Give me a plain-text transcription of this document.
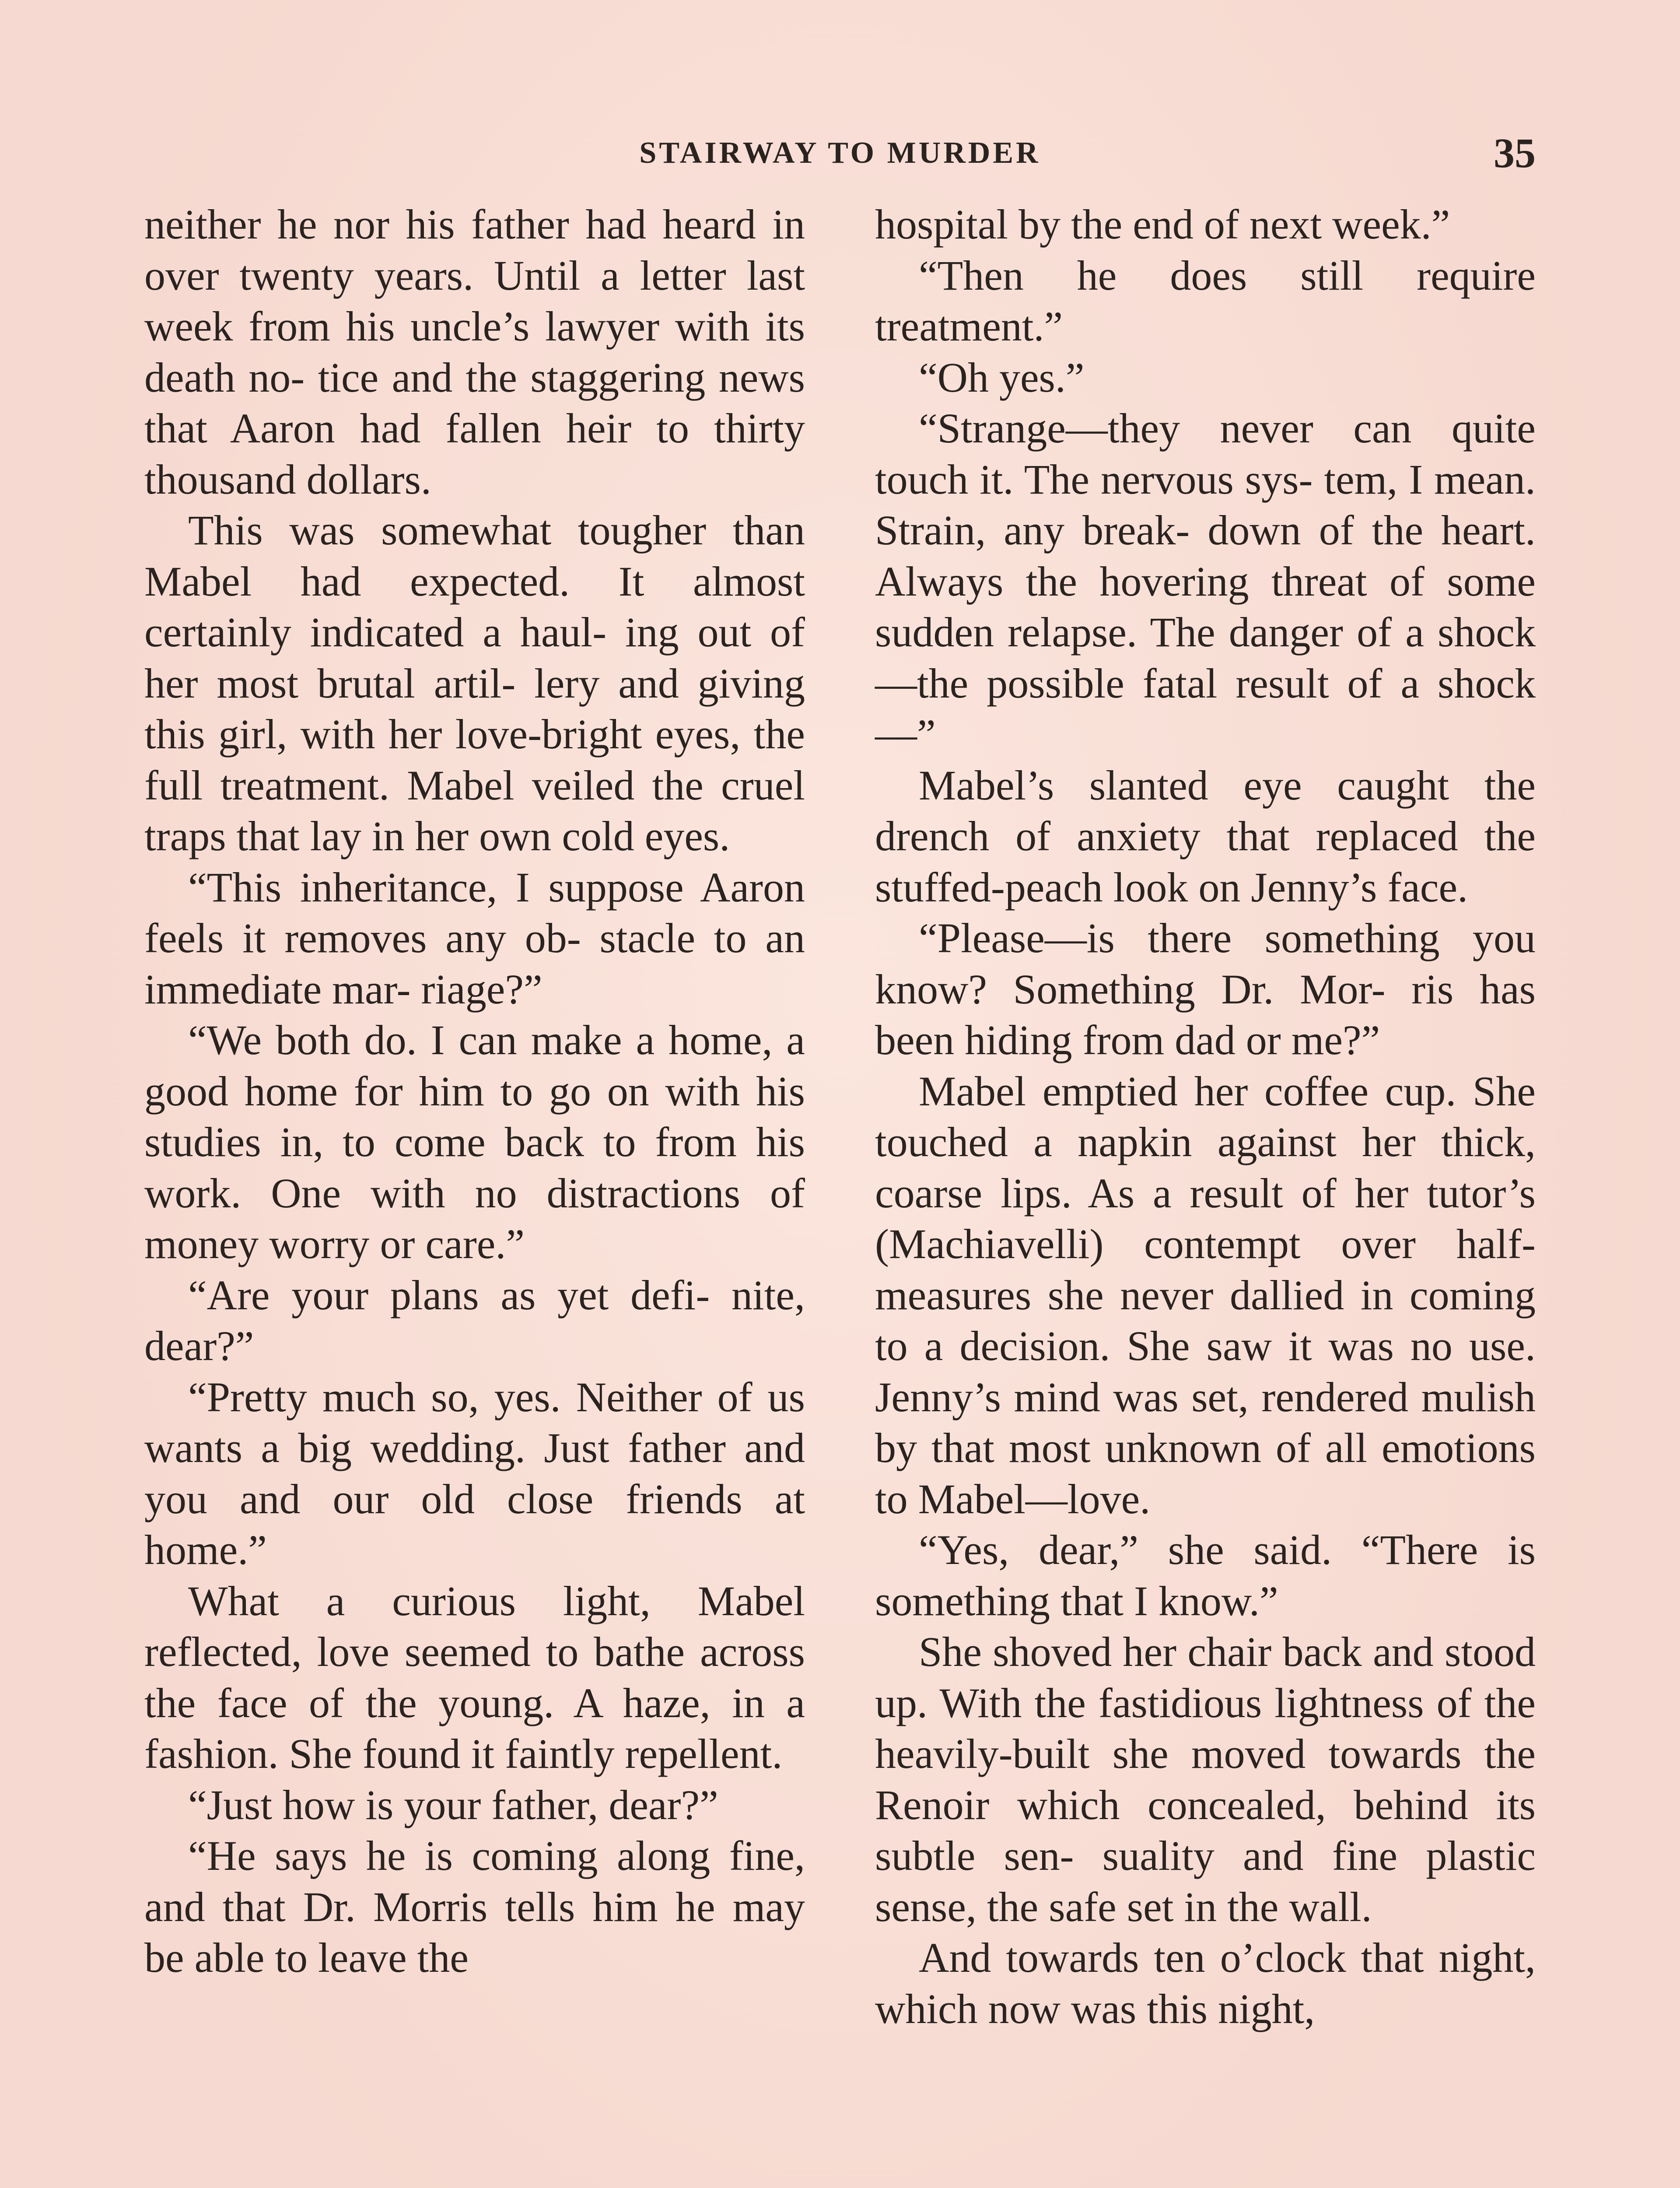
STAIRWAY TO MURDER	35

neither he nor his father had heard in over twenty years. Until a letter last week from his uncle’s lawyer with its death no- tice and the staggering news that Aaron had fallen heir to thirty thousand dollars.

This was somewhat tougher than Mabel had expected. It almost certainly indicated a haul- ing out of her most brutal artil- lery and giving this girl, with her love-bright eyes, the full treatment. Mabel veiled the cruel traps that lay in her own cold eyes.

“This inheritance, I suppose Aaron feels it removes any ob- stacle to an immediate mar- riage?”

“We both do. I can make a home, a good home for him to go on with his studies in, to come back to from his work. One with no distractions of money worry or care.”

“Are your plans as yet defi- nite, dear?”

“Pretty much so, yes. Neither of us wants a big wedding. Just father and you and our old close friends at home.”

What a curious light, Mabel reflected, love seemed to bathe across the face of the young. A haze, in a fashion. She found it faintly repellent.

“Just how is your father, dear?”

“He says he is coming along fine, and that Dr. Morris tells him he may be able to leave the

hospital by the end of next week.”

“Then he does still require treatment.”

“Oh yes.”

“Strange—they never can quite touch it. The nervous sys- tem, I mean. Strain, any break- down of the heart. Always the hovering threat of some sudden relapse. The danger of a shock —the possible fatal result of a shock—”

Mabel’s slanted eye caught the drench of anxiety that replaced the stuffed-peach look on Jenny’s face.

“Please—is there something you know? Something Dr. Mor- ris has been hiding from dad or me?”

Mabel emptied her coffee cup. She touched a napkin against her thick, coarse lips. As a result of her tutor’s (Machiavelli) contempt over half-measures she never dallied in coming to a decision. She saw it was no use. Jenny’s mind was set, rendered mulish by that most unknown of all emotions to Mabel—love.

“Yes, dear,” she said. “There is something that I know.”

She shoved her chair back and stood up. With the fastidious lightness of the heavily-built she moved towards the Renoir which concealed, behind its subtle sen- suality and fine plastic sense, the safe set in the wall.

And towards ten o’clock that night, which now was this night,
